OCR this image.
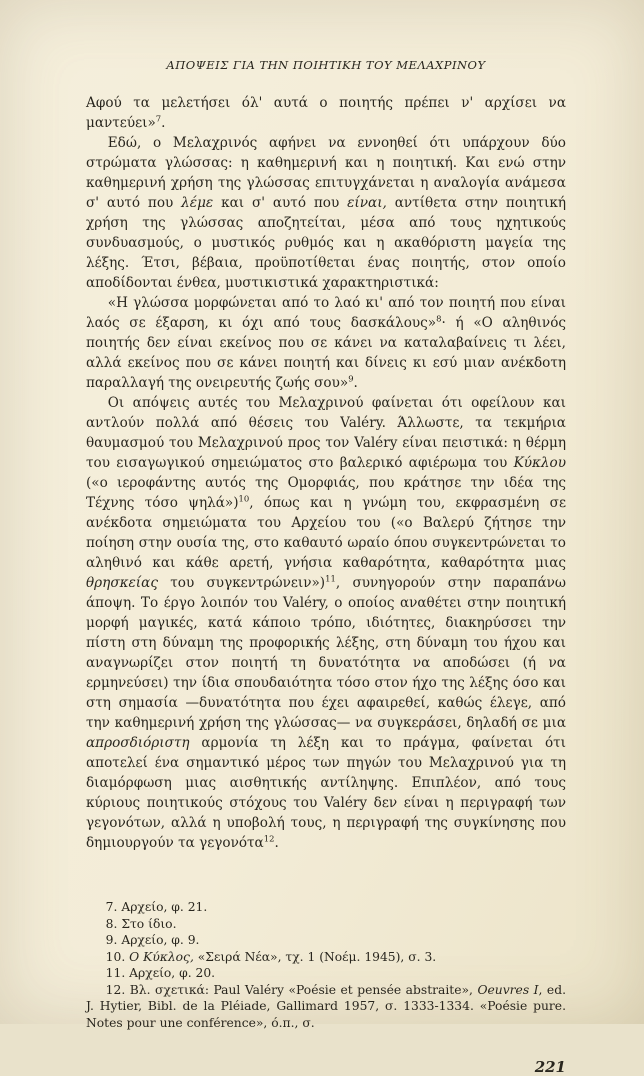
ΑΠΟΨΕΙΣ ΓΙΑ ΤΗΝ ΠΟΙΗΤΙΚΗ ΤΟΥ ΜΕΛΑΧΡΙΝΟΥ

Αφού τα μελετήσει όλ' αυτά ο ποιητής πρέπει ν' αρχίσει να μαντεύει»$^7$.

Εδώ, ο Μελαχρινός αφήνει να εννοηθεί ότι υπάρχουν δύο στρώματα γλώσσας: η καθημερινή και η ποιητική. Και ενώ στην καθημερινή χρήση της γλώσσας επιτυγχάνεται η αναλογία ανάμεσα σ' αυτό που λέμε και σ' αυτό που είναι, αντίθετα στην ποιητική χρήση της γλώσσας αποζητείται, μέσα από τους ηχητικούς συνδυασμούς, ο μυστικός ρυθμός και η ακαθόριστη μαγεία της λέξης. Έτσι, βέβαια, προϋποτίθεται ένας ποιητής, στον οποίο αποδίδονται ένθεα, μυστικιστικά χαρακτηριστικά:

«Η γλώσσα μορφώνεται από το λαό κι' από τον ποιητή που είναι λαός σε έξαρση, κι όχι από τους δασκάλους»$^8$· ή «Ο αληθινός ποιητής δεν είναι εκείνος που σε κάνει να καταλαβαίνεις τι λέει, αλλά εκείνος που σε κάνει ποιητή και δίνεις κι εσύ μιαν ανέκδοτη παραλλαγή της ονειρευτής ζωής σου»$^9$.

Οι απόψεις αυτές του Μελαχρινού φαίνεται ότι οφείλουν και αντλούν πολλά από θέσεις του Valéry. Άλλωστε, τα τεκμήρια θαυμασμού του Μελαχρινού προς τον Valéry είναι πειστικά: η θέρμη του εισαγωγικού σημειώματος στο βαλερικό αφιέρωμα του Κύκλου («ο ιεροφάντης αυτός της Ομορφιάς, που κράτησε την ιδέα της Τέχνης τόσο ψηλά»)$^{10}$, όπως και η γνώμη του, εκφρασμένη σε ανέκδοτα σημειώματα του Αρχείου του («ο Βαλερύ ζήτησε την ποίηση στην ουσία της, στο καθαυτό ωραίο όπου συγκεντρώνεται το αληθινό και κάθε αρετή, γνήσια καθαρότητα, καθαρότητα μιας θρησκείας του συγκεντρώνειν»)$^{11}$, συνηγορούν στην παραπάνω άποψη. Το έργο λοιπόν του Valéry, ο οποίος αναθέτει στην ποιητική μορφή μαγικές, κατά κάποιο τρόπο, ιδιότητες, διακηρύσσει την πίστη στη δύναμη της προφορικής λέξης, στη δύναμη του ήχου και αναγνωρίζει στον ποιητή τη δυνατότητα να αποδώσει (ή να ερμηνεύσει) την ίδια σπουδαιότητα τόσο στον ήχο της λέξης όσο και στη σημασία —δυνατότητα που έχει αφαιρεθεί, καθώς έλεγε, από την καθημερινή χρήση της γλώσσας— να συγκεράσει, δηλαδή σε μια απροσδιόριστη αρμονία τη λέξη και το πράγμα, φαίνεται ότι αποτελεί ένα σημαντικό μέρος των πηγών του Μελαχρινού για τη διαμόρφωση μιας αισθητικής αντίληψης. Επιπλέον, από τους κύριους ποιητικούς στόχους του Valéry δεν είναι η περιγραφή των γεγονότων, αλλά η υποβολή τους, η περιγραφή της συγκίνησης που δημιουργούν τα γεγονότα$^{12}$.

7. Αρχείο, φ. 21.

8. Στο ίδιο.

9. Αρχείο, φ. 9.

10. Ο Κύκλος, «Σειρά Νέα», τχ. 1 (Νοέμ. 1945), σ. 3.

11. Αρχείο, φ. 20.

12. Βλ. σχετικά: Paul Valéry «Poésie et pensée abstraite», Oeuvres I, ed. J. Hytier, Bibl. de la Pléiade, Gallimard 1957, σ. 1333-1334. «Poésie pure. Notes pour une conférence», ό.π., σ.

221
